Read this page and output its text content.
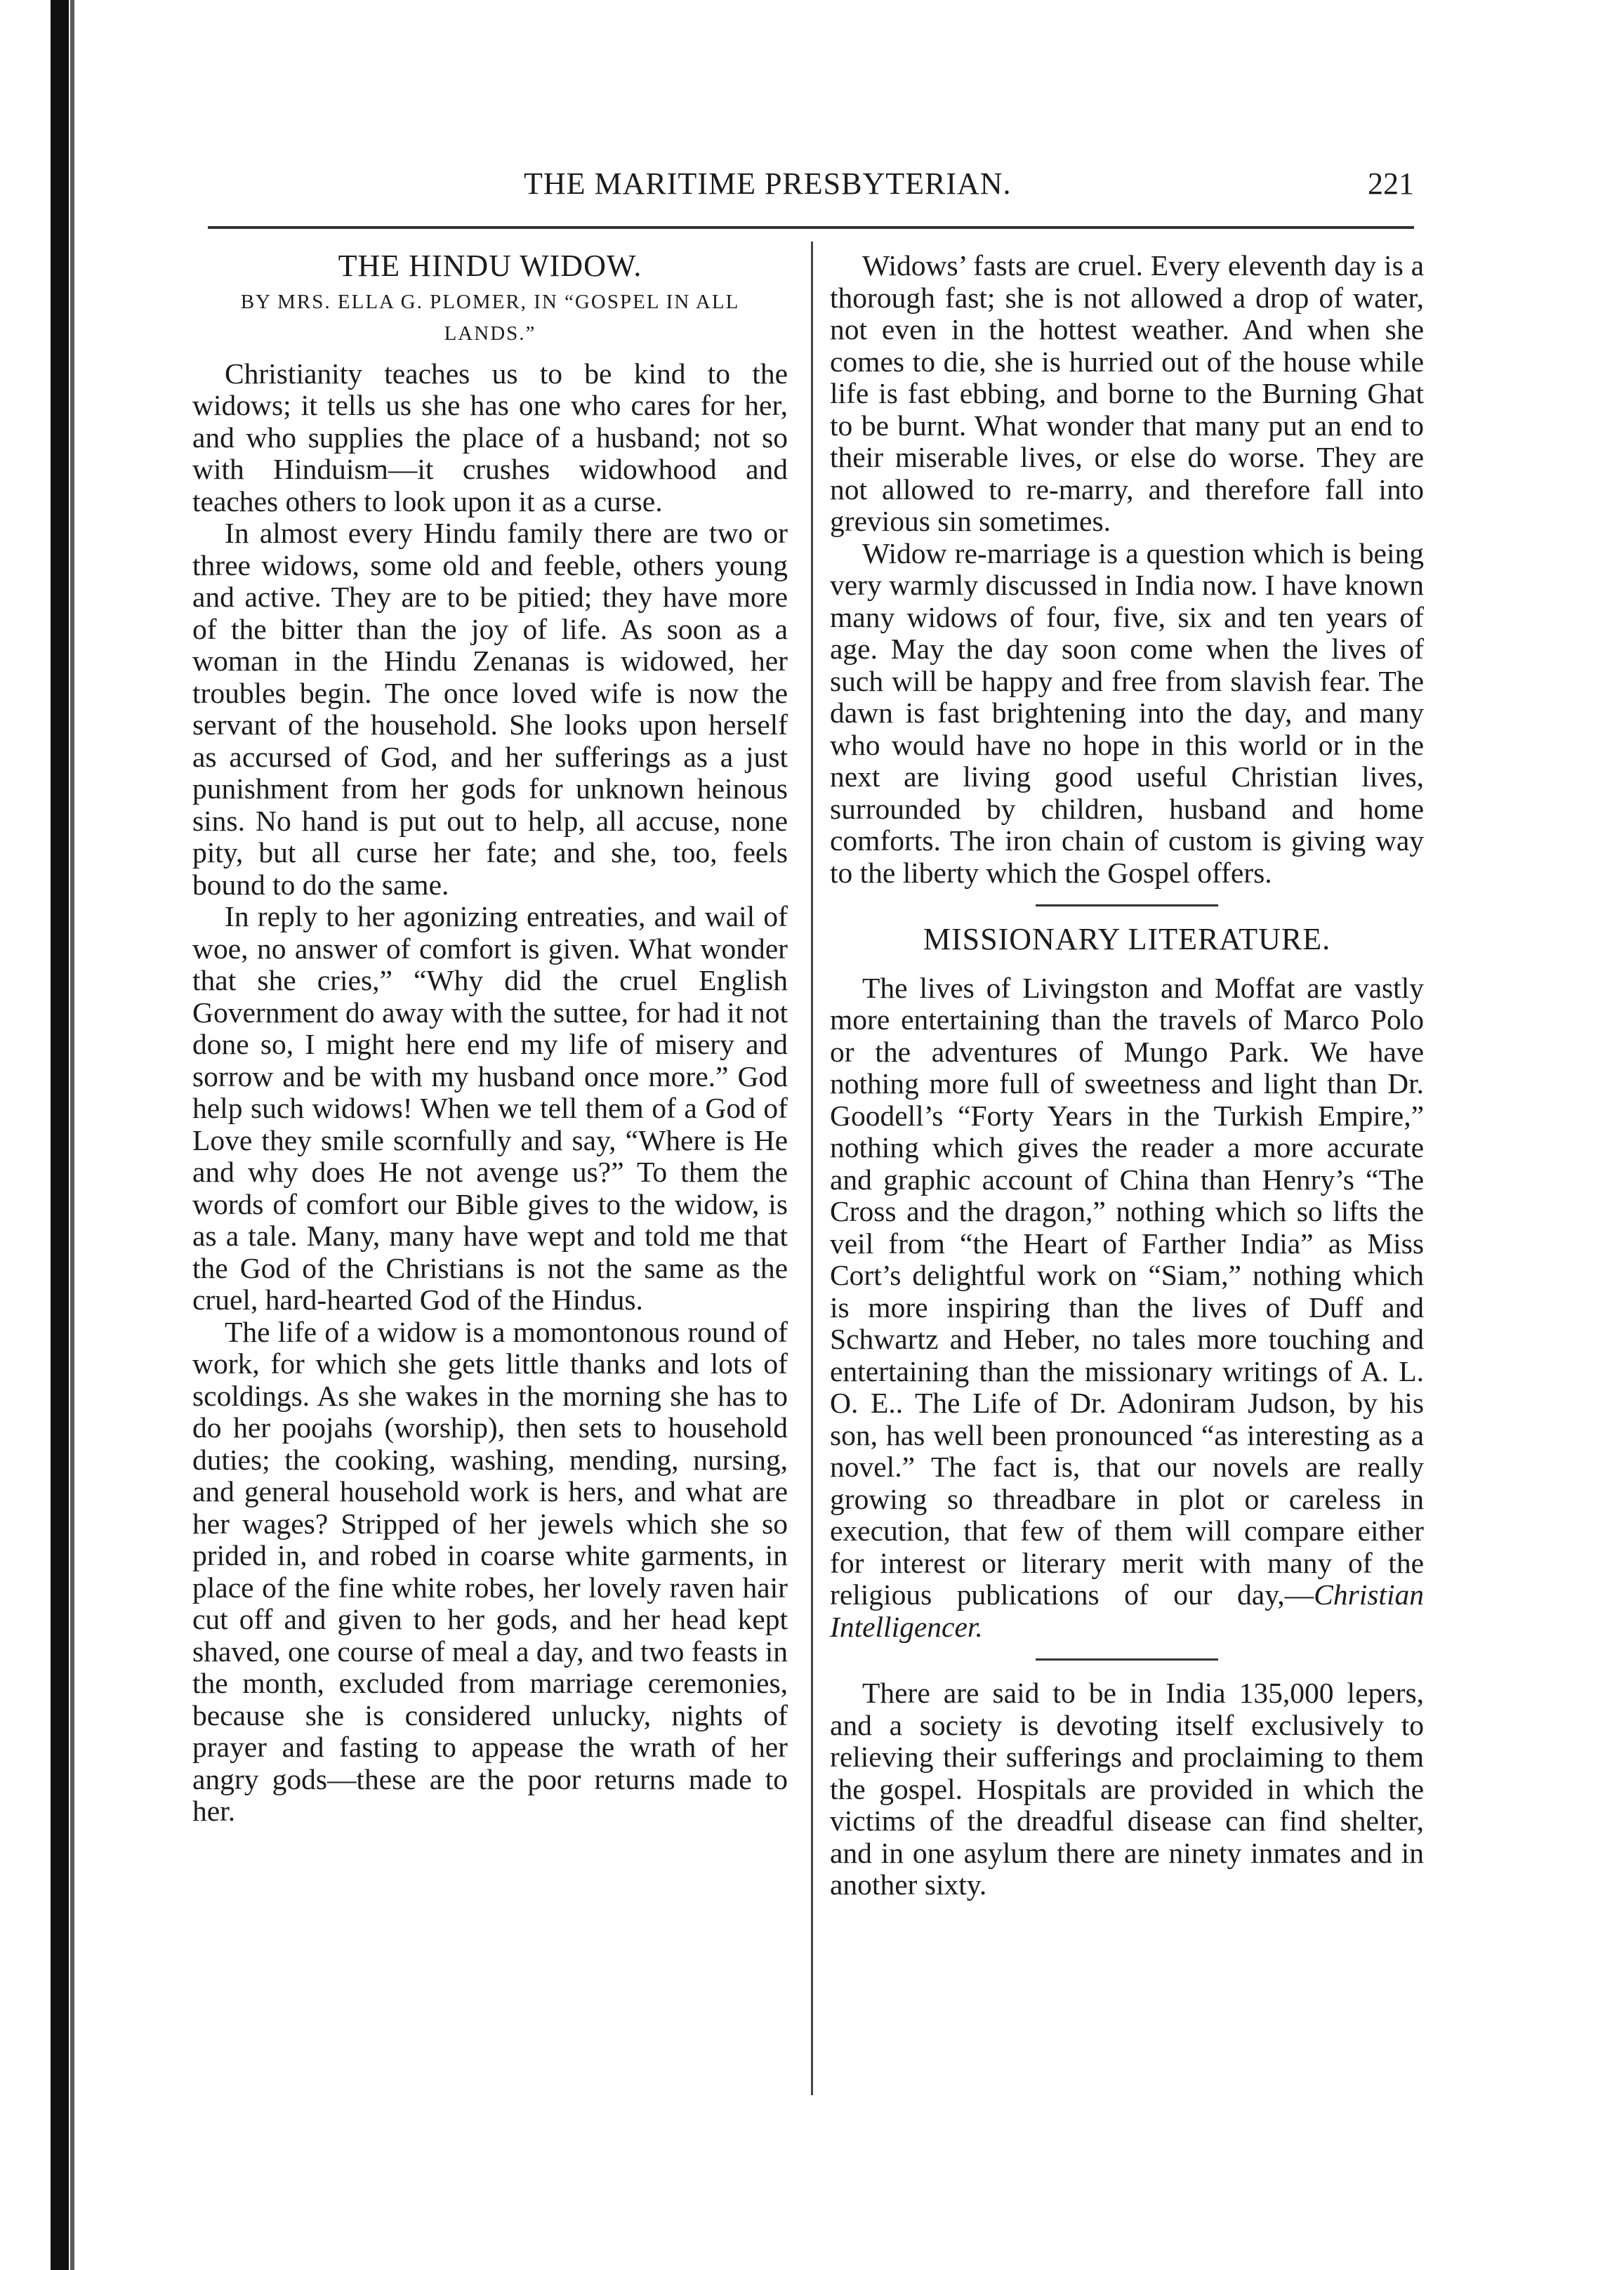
THE MARITIME PRESBYTERIAN.	221
THE HINDU WIDOW.
BY MRS. ELLA G. PLOMER, IN “GOSPEL IN ALL LANDS.”

Christianity teaches us to be kind to the widows; it tells us she has one who cares for her, and who supplies the place of a husband; not so with Hinduism—it crushes widowhood and teaches others to look upon it as a curse.

In almost every Hindu family there are two or three widows, some old and feeble, others young and active. They are to be pitied; they have more of the bitter than the joy of life. As soon as a woman in the Hindu Zenanas is widowed, her troubles begin. The once loved wife is now the servant of the household. She looks upon herself as accursed of God, and her sufferings as a just punishment from her gods for unknown heinous sins. No hand is put out to help, all accuse, none pity, but all curse her fate; and she, too, feels bound to do the same.

In reply to her agonizing entreaties, and wail of woe, no answer of comfort is given. What wonder that she cries,” “Why did the cruel English Government do away with the suttee, for had it not done so, I might here end my life of misery and sorrow and be with my husband once more.” God help such widows! When we tell them of a God of Love they smile scornfully and say, “Where is He and why does He not avenge us?” To them the words of comfort our Bible gives to the widow, is as a tale. Many, many have wept and told me that the God of the Christians is not the same as the cruel, hard-hearted God of the Hindus.

The life of a widow is a momontonous round of work, for which she gets little thanks and lots of scoldings. As she wakes in the morning she has to do her poojahs (worship), then sets to household duties; the cooking, washing, mending, nursing, and general household work is hers, and what are her wages? Stripped of her jewels which she so prided in, and robed in coarse white garments, in place of the fine white robes, her lovely raven hair cut off and given to her gods, and her head kept shaved, one course of meal a day, and two feasts in the month, excluded from marriage ceremonies, because she is considered unlucky, nights of prayer and fasting to appease the wrath of her angry gods—these are the poor returns made to her.

Widows’ fasts are cruel. Every eleventh day is a thorough fast; she is not allowed a drop of water, not even in the hottest weather. And when she comes to die, she is hurried out of the house while life is fast ebbing, and borne to the Burning Ghat to be burnt. What wonder that many put an end to their miserable lives, or else do worse. They are not allowed to re-marry, and therefore fall into grevious sin sometimes.

Widow re-marriage is a question which is being very warmly discussed in India now. I have known many widows of four, five, six and ten years of age. May the day soon come when the lives of such will be happy and free from slavish fear. The dawn is fast brightening into the day, and many who would have no hope in this world or in the next are living good useful Christian lives, surrounded by children, husband and home comforts. The iron chain of custom is giving way to the liberty which the Gospel offers.

MISSIONARY LITERATURE.

The lives of Livingston and Moffat are vastly more entertaining than the travels of Marco Polo or the adventures of Mungo Park. We have nothing more full of sweetness and light than Dr. Goodell’s “Forty Years in the Turkish Empire,” nothing which gives the reader a more accurate and graphic account of China than Henry’s “The Cross and the dragon,” nothing which so lifts the veil from “the Heart of Farther India” as Miss Cort’s delightful work on “Siam,” nothing which is more inspiring than the lives of Duff and Schwartz and Heber, no tales more touching and entertaining than the missionary writings of A. L. O. E.. The Life of Dr. Adoniram Judson, by his son, has well been pronounced “as interesting as a novel.” The fact is, that our novels are really growing so threadbare in plot or careless in execution, that few of them will compare either for interest or literary merit with many of the religious publications of our day,—Christian Intelligencer.

There are said to be in India 135,000 lepers, and a society is devoting itself exclusively to relieving their sufferings and proclaiming to them the gospel. Hospitals are provided in which the victims of the dreadful disease can find shelter, and in one asylum there are ninety inmates and in another sixty.
